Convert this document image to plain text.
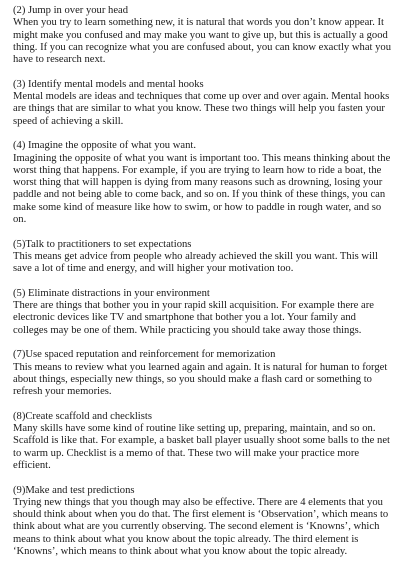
(2) Jump in over your head

When you try to learn something new, it is natural that words you don’t know appear. It might make you confused and may make you want to give up, but this is actually a good thing. If you can recognize what you are confused about, you can know exactly what you have to research next.

(3) Identify mental models and mental hooks

Mental models are ideas and techniques that come up over and over again. Mental hooks are things that are similar to what you know. These two things will help you fasten your speed of achieving a skill.

(4) Imagine the opposite of what you want.

Imagining the opposite of what you want is important too. This means thinking about the worst thing that happens. For example, if you are trying to learn how to ride a boat, the worst thing that will happen is dying from many reasons such as drowning, losing your paddle and not being able to come back, and so on. If you think of these things, you can make some kind of measure like how to swim, or how to paddle in rough water, and so on.

(5)Talk to practitioners to set expectations

This means get advice from people who already achieved the skill you want. This will save a lot of time and energy, and will higher your motivation too.

(5) Eliminate distractions in your environment

There are things that bother you in your rapid skill acquisition. For example there are electronic devices like TV and smartphone that bother you a lot. Your family and colleges may be one of them. While practicing you should take away those things.

(7)Use spaced reputation and reinforcement for memorization

This means to review what you learned again and again. It is natural for human to forget about things, especially new things, so you should make a flash card or something to refresh your memories.

(8)Create scaffold and checklists

Many skills have some kind of routine like setting up, preparing, maintain, and so on. Scaffold is like that. For example, a basket ball player usually shoot some balls to the net to warm up. Checklist is a memo of that. These two will make your practice more efficient.

(9)Make and test predictions

Trying new things that you though may also be effective. There are 4 elements that you should think about when you do that. The first element is ‘Observation’, which means to think about what are you currently observing. The second element is ‘Knowns’, which means to think about what you know about the topic already. The third element is ‘Knowns’, which means to think about what you know about the topic already.
